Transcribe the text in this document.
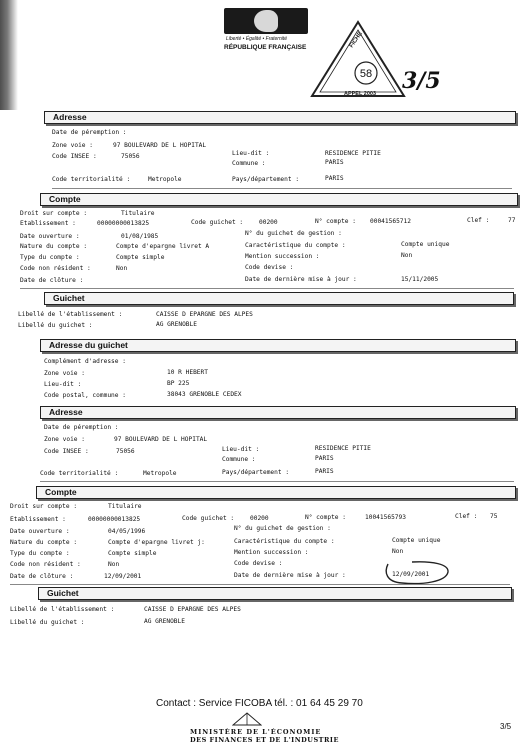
Liberté • Égalité • Fraternité
RÉPUBLIQUE FRANÇAISE
58
FICHE
APPEL 2003 3/5
Adresse
Date de péremption :
Zone voie :	97 BOULEVARD DE L HOPITAL
Code INSEE :	75056	Lieu-dit :	RESIDENCE PITIE
Commune :	PARIS
Code territorialité :	Metropole	Pays/département :	PARIS
Compte
Droit sur compte :	Titulaire
Etablissement :	00000000013825	Code guichet :	00200	N° compte : 00041565712	Clef :	77
N° du guichet de gestion :
Date ouverture :	01/08/1985
Nature du compte :	Compte d'epargne livret A	Caractéristique du compte :	Compte unique
Type du compte :	Compte simple	Mention succession :	Non
Code non résident :	Non	Code devise :
Date de clôture :	Date de dernière mise à jour :	15/11/2005
Guichet
Libellé de l'établissement :	CAISSE D EPARGNE DES ALPES
Libellé du guichet :	AG GRENOBLE
Adresse du guichet
Complément d'adresse :
Zone voie :	10 R HEBERT
Lieu-dit :	BP 225
Code postal, commune :	38043 GRENOBLE CEDEX
Adresse
Date de péremption :
Zone voie :	97 BOULEVARD DE L HOPITAL
Code INSEE :	75056	Lieu-dit :	RESIDENCE PITIE
Commune :	PARIS
Code territorialité :	Metropole	Pays/département :	PARIS
Compte
Droit sur compte :	Titulaire
Etablissement :	00000000013825	Code guichet :	00200	N° compte :	10041565793	Clef : 75
N° du guichet de gestion :
Date ouverture :	04/05/1996
Nature du compte :	Compte d'epargne livret j:	Caractéristique du compte :	Compte unique
Type du compte :	Compte simple	Mention succession :	Non
Code non résident :	Non	Code devise :
Date de clôture :	12/09/2001	Date de dernière mise à jour :	12/09/2001
Guichet
Libellé de l'établissement :	CAISSE D EPARGNE DES ALPES
Libellé du guichet :	AG GRENOBLE
Contact : Service FICOBA tél. : 01 64 45 29 70
MINISTÈRE DE L'ÉCONOMIE
DES FINANCES ET DE L'INDUSTRIE
3/5
